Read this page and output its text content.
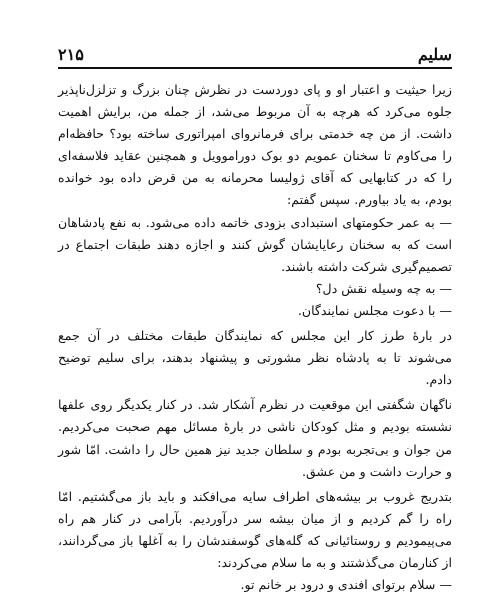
سلیم
۲۱۵

زیرا حیثیت و اعتبار او و پای دوردست در نظرش چنان بزرگ و تزلزل‌ناپذیر جلوه می‌کرد که هرچه به آن مربوط می‌شد، از جمله من، برایش اهمیت داشت. از من چه خدمتی برای فرمانروای امپراتوری ساخته بود؟ حافظه‌ام را می‌کاوم تا سخنان عمویم دو بوک دوراموویل و همچنین عقاید فلاسفه‌ای را که در کتابهایی که آقای ژولیسا محرمانه به من قرض داده بود خوانده بودم، به یاد بیاورم. سپس گفتم:

— به عمر حکومتهای استبدادی بزودی خاتمه داده می‌شود. به نفع پادشاهان است که به سخنان رعایایشان گوش کنند و اجازه دهند طبقات اجتماع در تصمیم‌گیری شرکت داشته باشند.

— به چه وسیله نقش دل؟

— با دعوت مجلس نمایندگان.

در بارهٔ طرز کار این مجلس که نمایندگان طبقات مختلف در آن جمع می‌شوند تا به پادشاه نظر مشورتی و پیشنهاد بدهند، برای سلیم توضیح دادم.

ناگهان شگفتی این موقعیت در نظرم آشکار شد. در کنار یکدیگر روی علفها نشسته بودیم و مثل کودکان ناشی در بارهٔ مسائل مهم صحبت می‌کردیم. من جوان و بی‌تجربه بودم و سلطان جدید نیز همین حال را داشت. امّا شور و حرارت داشت و من عشق.

بتدریج غروب بر بیشه‌های اطراف سایه می‌افکند و باید باز می‌گشتیم. امّا راه را گم کردیم و از میان بیشه سر درآوردیم. بآرامی در کنار هم راه می‌پیمودیم و روستائیانی که گله‌های گوسفندشان را به آغلها باز می‌گردانند، از کنارمان می‌گذشتند و به ما سلام می‌کردند:

— سلام برتوای افندی و درود بر خانم تو.
